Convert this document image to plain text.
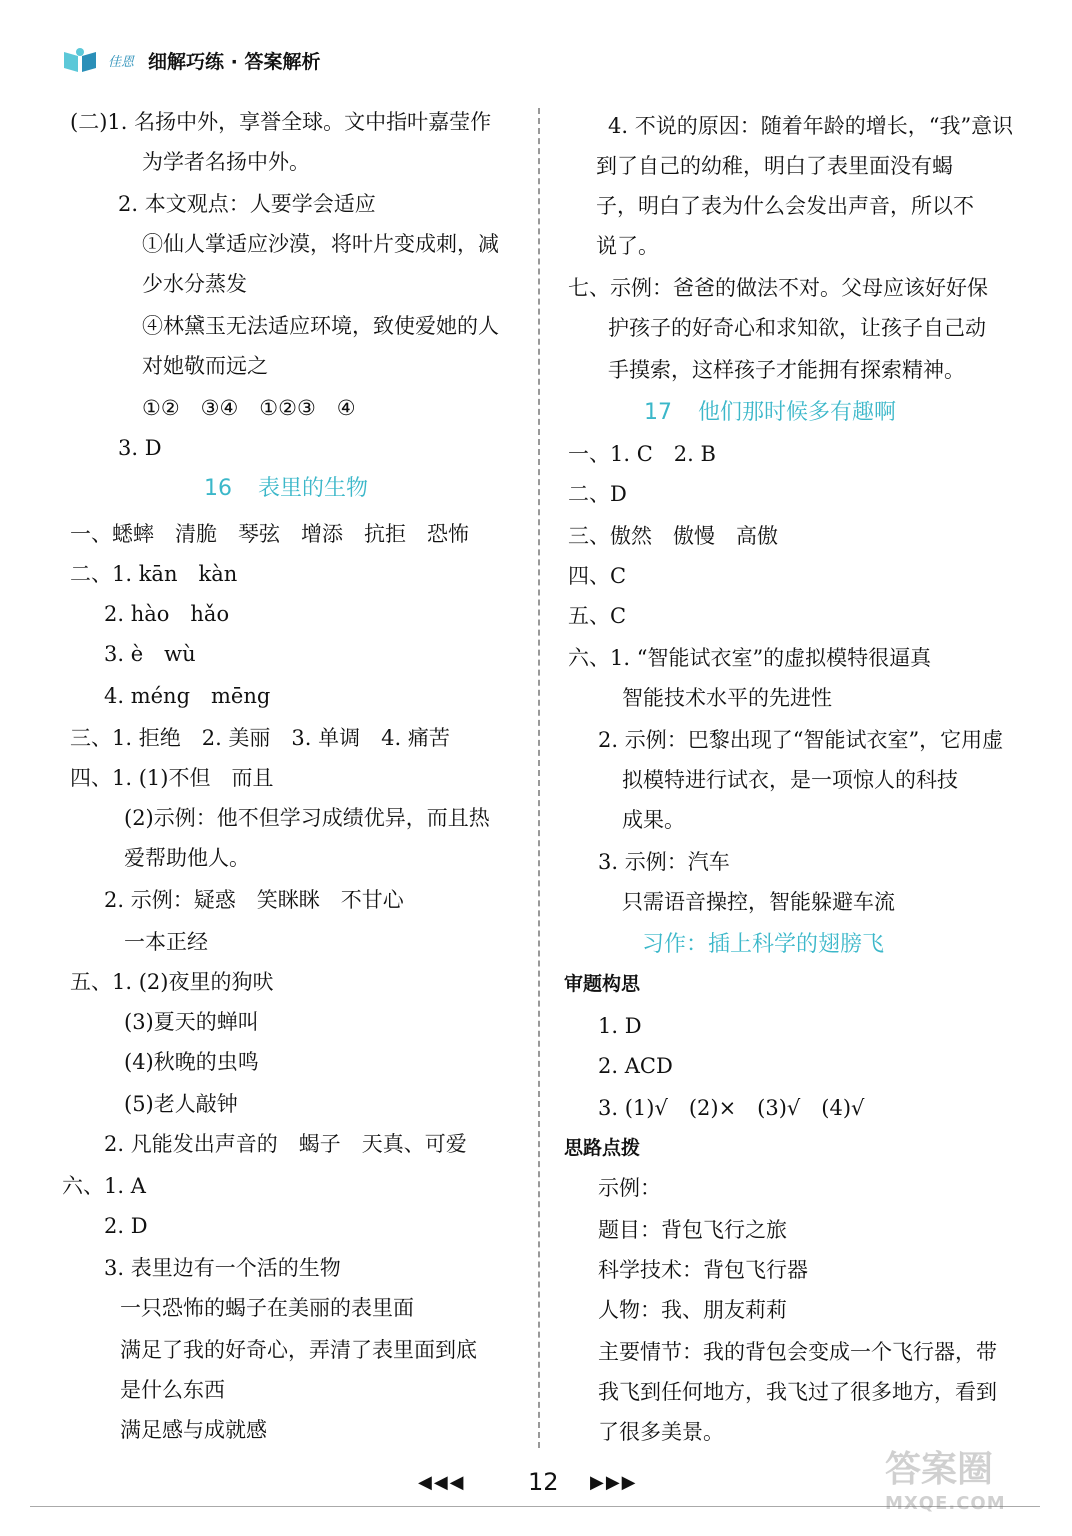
佳恩 细解巧练 · 答案解析
(二)1. 名扬中外，享誉全球。文中指叶嘉莹作
为学者名扬中外。
2. 本文观点：人要学会适应
①仙人掌适应沙漠，将叶片变成刺，减
少水分蒸发
④林黛玉无法适应环境，致使爱她的人
对她敬而远之
①②　③④　①②③　④
3. D
16 表里的生物
一、蟋蟀　清脆　琴弦　增添　抗拒　恐怖
二、1. kān　kàn
2. hào　hǎo
3. è　wù
4. méng　mēng
三、1. 拒绝　2. 美丽　3. 单调　4. 痛苦
四、1. (1)不但　而且
(2)示例：他不但学习成绩优异，而且热
爱帮助他人。
2. 示例：疑惑　笑眯眯　不甘心
一本正经
五、1. (2)夜里的狗吠
(3)夏天的蝉叫
(4)秋晚的虫鸣
(5)老人敲钟
2. 凡能发出声音的　蝎子　天真、可爱
六、1. A
2. D
3. 表里边有一个活的生物
一只恐怖的蝎子在美丽的表里面
满足了我的好奇心，弄清了表里面到底
是什么东西
满足感与成就感
4. 不说的原因：随着年龄的增长，“我”意识
到了自己的幼稚，明白了表里面没有蝎
子，明白了表为什么会发出声音，所以不
说了。
七、示例：爸爸的做法不对。父母应该好好保
护孩子的好奇心和求知欲，让孩子自己动
手摸索，这样孩子才能拥有探索精神。
17 他们那时候多有趣啊
一、1. C　2. B
二、D
三、傲然　傲慢　高傲
四、C
五、C
六、1. “智能试衣室”的虚拟模特很逼真
智能技术水平的先进性
2. 示例：巴黎出现了“智能试衣室”，它用虚
拟模特进行试衣，是一项惊人的科技
成果。
3. 示例：汽车
只需语音操控，智能躲避车流
习作：插上科学的翅膀飞
审题构思
1. D
2. ACD
3. (1)√　(2)×　(3)√　(4)√
思路点拨
示例：
题目：背包飞行之旅
科学技术：背包飞行器
人物：我、朋友莉莉
主要情节：我的背包会变成一个飞行器，带
我飞到任何地方，我飞过了很多地方，看到
了很多美景。
◀◀◀	12 ▶▶▶	答案圈
MXQE.COM
